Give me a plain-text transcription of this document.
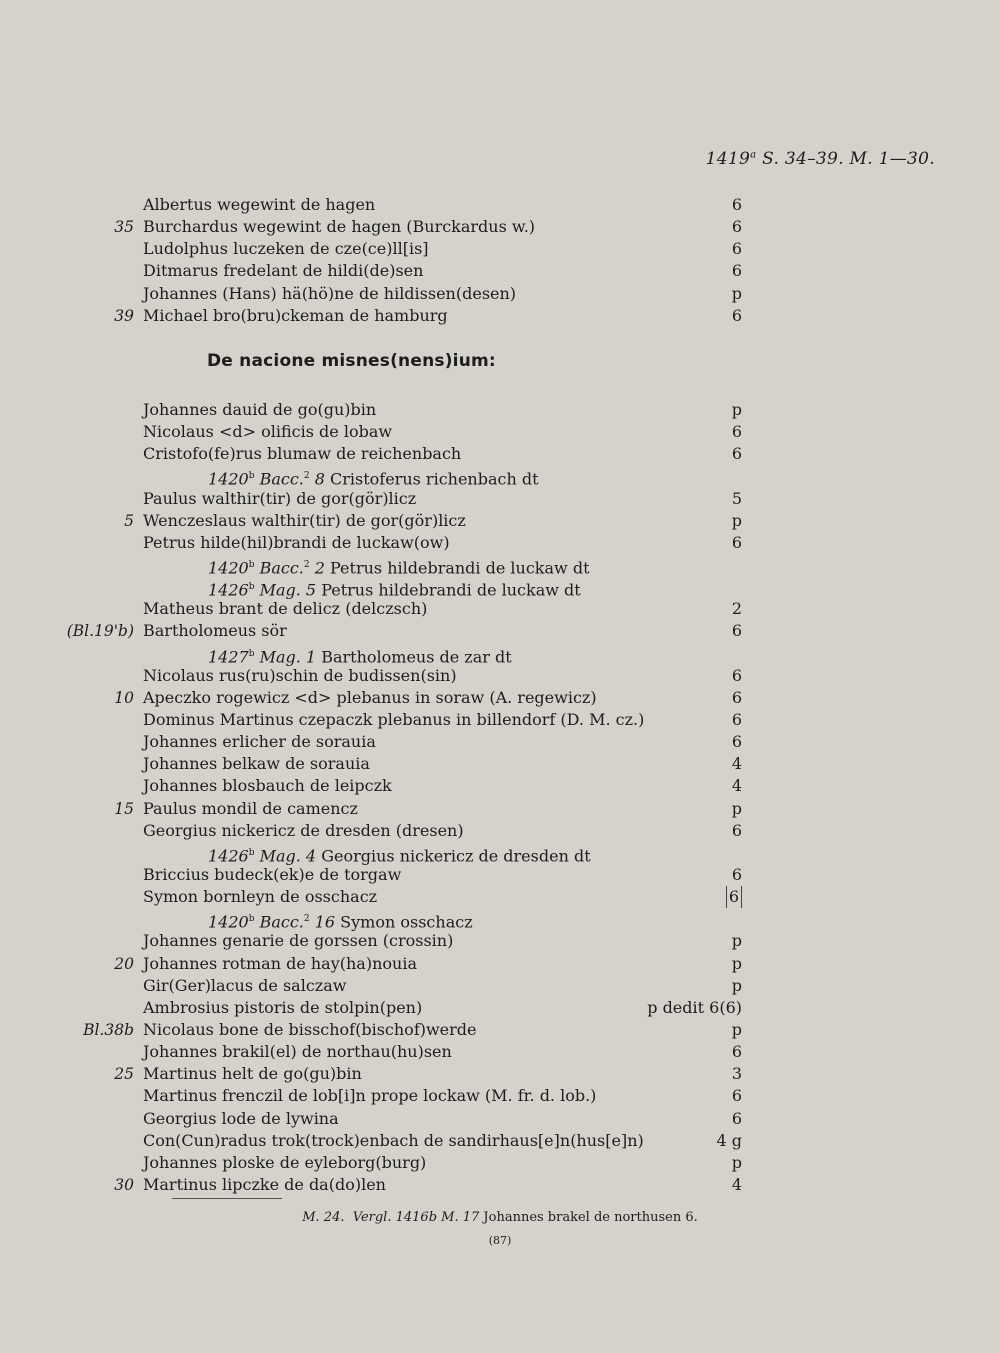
1419$^a$ S. 34–39. M. 1—30.
Albertus wegewint de hagen	6
35 Burchardus wegewint de hagen (Burckardus w.)	6
Ludolphus luczeken de cze(ce)ll[is]	6
Ditmarus fredelant de hildi(de)sen	6
Johannes (Hans) hä(hö)ne de hildissen(desen)	p
39 Michael bro(bru)ckeman de hamburg	6
De nacione misnes(nens)ium:
Johannes dauid de go(gu)bin	p
Nicolaus <d> olificis de lobaw	6
Cristofo(fe)rus blumaw de reichenbach	6
1420$^b$ Bacc.$^2$ 8 Cristoferus richenbach dt
Paulus walthir(tir) de gor(gör)licz	5
5 Wenczeslaus walthir(tir) de gor(gör)licz	p
Petrus hilde(hil)brandi de luckaw(ow)	6
1420$^b$ Bacc.$^2$ 2 Petrus hildebrandi de luckaw dt
1426$^b$ Mag. 5 Petrus hildebrandi de luckaw dt
Matheus brant de delicz (delczsch)	2
(Bl.19'b) Bartholomeus sör	6
1427$^b$ Mag. 1 Bartholomeus de zar dt
Nicolaus rus(ru)schin de budissen(sin)	6
10 Apeczko rogewicz <d> plebanus in soraw (A. regewicz)	6
Dominus Martinus czepaczk plebanus in billendorf (D. M. cz.)	6
Johannes erlicher de sorauia	6
Johannes belkaw de sorauia	4
Johannes blosbauch de leipczk	4
15 Paulus mondil de camencz	p
Georgius nickericz de dresden (dresen)	6
1426$^b$ Mag. 4 Georgius nickericz de dresden dt
Briccius budeck(ek)e de torgaw	6
Symon bornleyn de osschacz	6
1420$^b$ Bacc.$^2$ 16 Symon osschacz
Johannes genarie de gorssen (crossin)	p
20 Johannes rotman de hay(ha)nouia	p
Gir(Ger)lacus de salczaw	p
Ambrosius pistoris de stolpin(pen)	p dedit 6(6)
Bl.38b Nicolaus bone de bisschof(bischof)werde	p
Johannes brakil(el) de northau(hu)sen	6
25 Martinus helt de go(gu)bin	3
Martinus frenczil de lob[i]n prope lockaw (M. fr. d. lob.)	6
Georgius lode de lywina	6
Con(Cun)radus trok(trock)enbach de sandirhaus[e]n(hus[e]n)	4 g
Johannes ploske de eyleborg(burg)	p
30 Martinus lipczke de da(do)len	4
M. 24. Vergl. 1416b M. 17 Johannes brakel de northusen 6.
(87)
